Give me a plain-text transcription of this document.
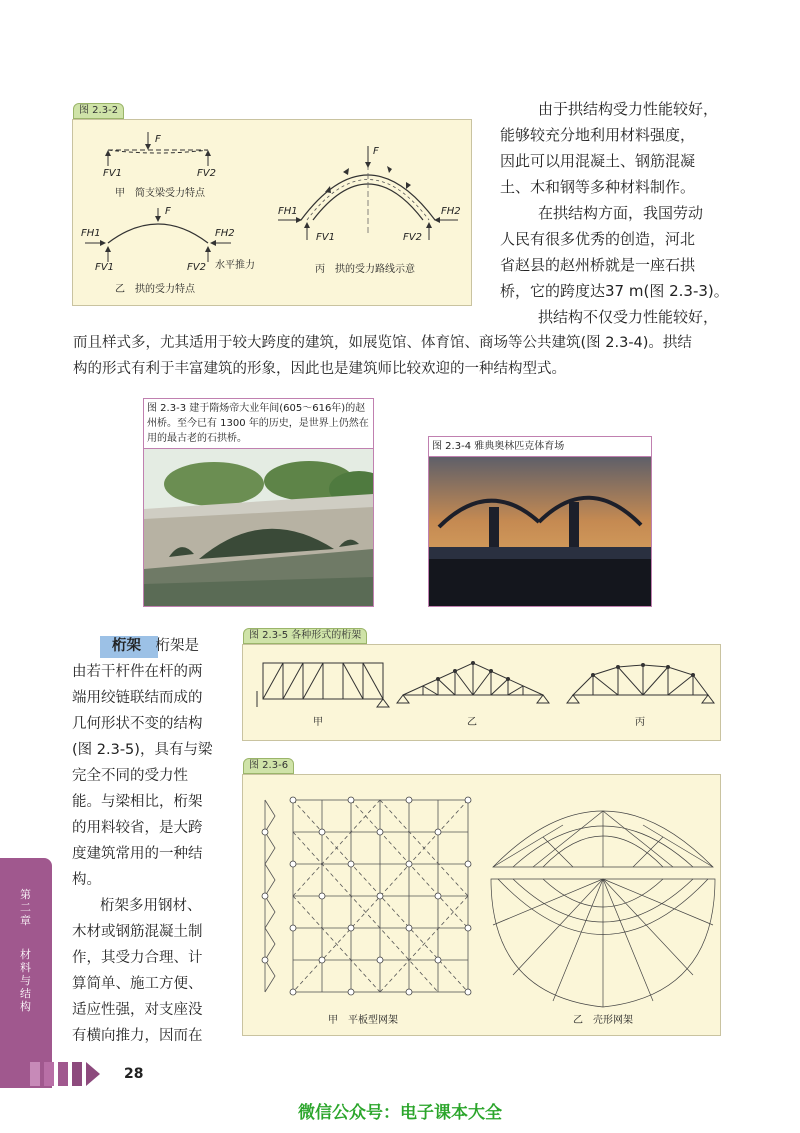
图 2.3-2
F
FV1	FV2
甲　简支梁受力特点
F
FH1	FH2
FV1	FV2 水平推力
乙　拱的受力特点
F
FH1	FH2
FV1	FV2
丙　拱的受力路线示意
由于拱结构受力性能较好，
能够较充分地利用材料强度，
因此可以用混凝土、钢筋混凝
土、木和钢等多种材料制作。
在拱结构方面，我国劳动
人民有很多优秀的创造，河北
省赵县的赵州桥就是一座石拱
桥，它的跨度达37 m(图 2.3-3)。
拱结构不仅受力性能较好，
而且样式多，尤其适用于较大跨度的建筑，如展览馆、体育馆、商场等公共建筑(图 2.3-4)。拱结
构的形式有利于丰富建筑的形象，因此也是建筑师比较欢迎的一种结构型式。
图 2.3-3 建于隋炀帝大业年间(605～616年)的赵州桥。至今已有 1300 年的历史，是世界上仍然在用的最古老的石拱桥。
图 2.3-4 雅典奥林匹克体育场
桁架　 桁架是
由若干杆件在杆的两
端用绞链联结而成的
几何形状不变的结构
(图 2.3-5)，具有与梁
完全不同的受力性
能。与梁相比，桁架
的用料较省，是大跨
度建筑常用的一种结
构。
桁架多用钢材、
木材或钢筋混凝土制
作，其受力合理、计
算简单、施工方便、
适应性强，对支座没
有横向推力，因而在
图 2.3-5 各种形式的桁架
甲	乙	丙
图 2.3-6
甲　平板型网架	乙　壳形网架
第二章
材料与结构
28
微信公众号：电子课本大全
